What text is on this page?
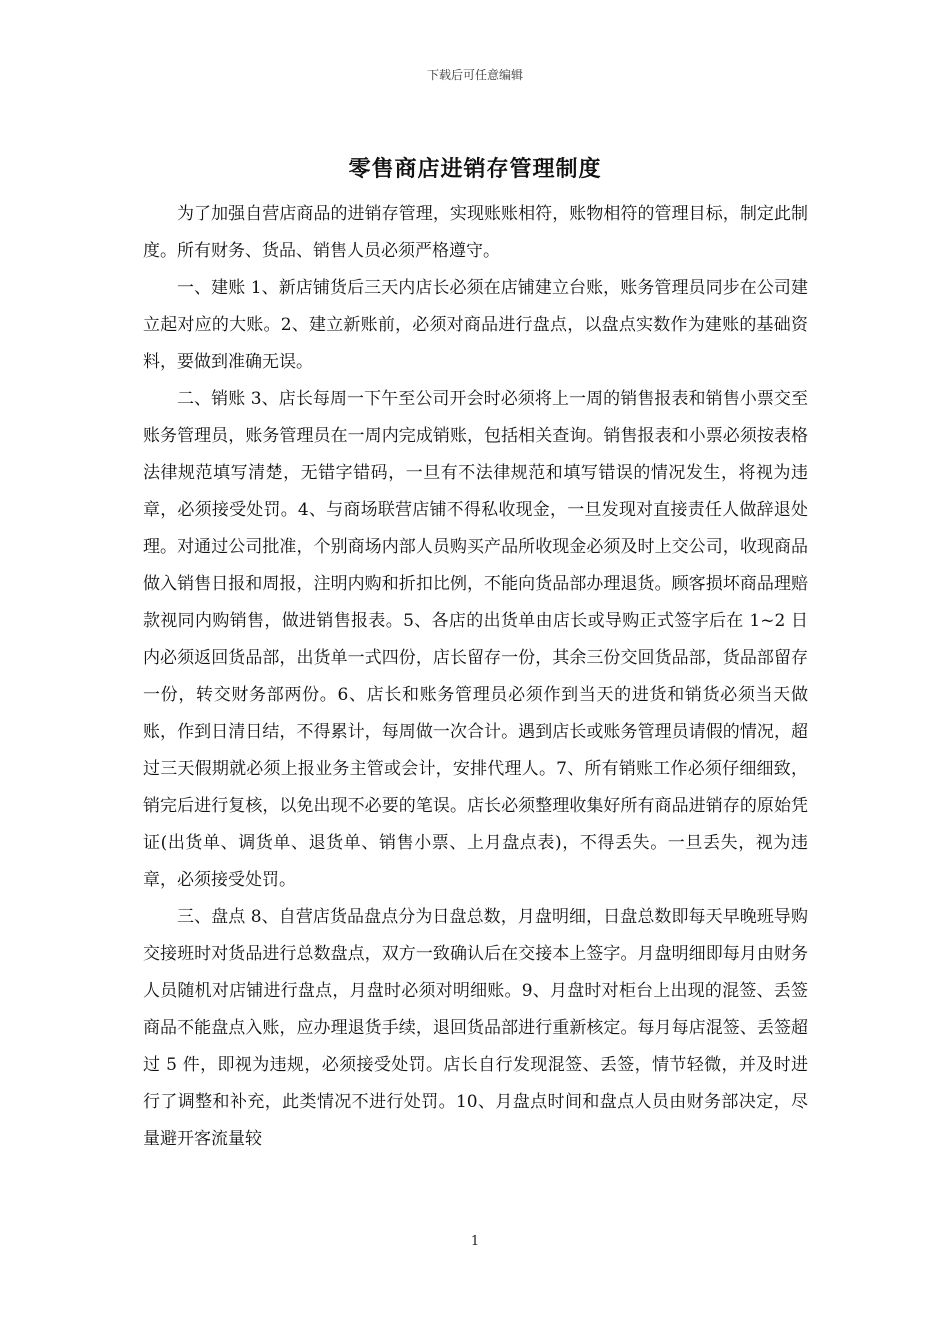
下载后可任意编辑
零售商店进销存管理制度

为了加强自营店商品的进销存管理，实现账账相符，账物相符的管理目标，制定此制度。所有财务、货品、销售人员必须严格遵守。

一、建账 1、新店铺货后三天内店长必须在店铺建立台账，账务管理员同步在公司建立起对应的大账。2、建立新账前，必须对商品进行盘点，以盘点实数作为建账的基础资料，要做到准确无误。

二、销账 3、店长每周一下午至公司开会时必须将上一周的销售报表和销售小票交至账务管理员，账务管理员在一周内完成销账，包括相关查询。销售报表和小票必须按表格法律规范填写清楚，无错字错码，一旦有不法律规范和填写错误的情况发生，将视为违章，必须接受处罚。4、与商场联营店铺不得私收现金，一旦发现对直接责任人做辞退处理。对通过公司批准，个别商场内部人员购买产品所收现金必须及时上交公司，收现商品做入销售日报和周报，注明内购和折扣比例，不能向货品部办理退货。顾客损坏商品理赔款视同内购销售，做进销售报表。5、各店的出货单由店长或导购正式签字后在 1~2 日内必须返回货品部，出货单一式四份，店长留存一份，其余三份交回货品部，货品部留存一份，转交财务部两份。6、店长和账务管理员必须作到当天的进货和销货必须当天做账，作到日清日结，不得累计，每周做一次合计。遇到店长或账务管理员请假的情况，超过三天假期就必须上报业务主管或会计，安排代理人。7、所有销账工作必须仔细细致，销完后进行复核，以免出现不必要的笔误。店长必须整理收集好所有商品进销存的原始凭证(出货单、调货单、退货单、销售小票、上月盘点表)，不得丢失。一旦丢失，视为违章，必须接受处罚。

三、盘点 8、自营店货品盘点分为日盘总数，月盘明细，日盘总数即每天早晚班导购交接班时对货品进行总数盘点，双方一致确认后在交接本上签字。月盘明细即每月由财务人员随机对店铺进行盘点，月盘时必须对明细账。9、月盘时对柜台上出现的混签、丢签商品不能盘点入账，应办理退货手续，退回货品部进行重新核定。每月每店混签、丢签超过 5 件，即视为违规，必须接受处罚。店长自行发现混签、丢签，情节轻微，并及时进行了调整和补充，此类情况不进行处罚。10、月盘点时间和盘点人员由财务部决定，尽量避开客流量较

1
